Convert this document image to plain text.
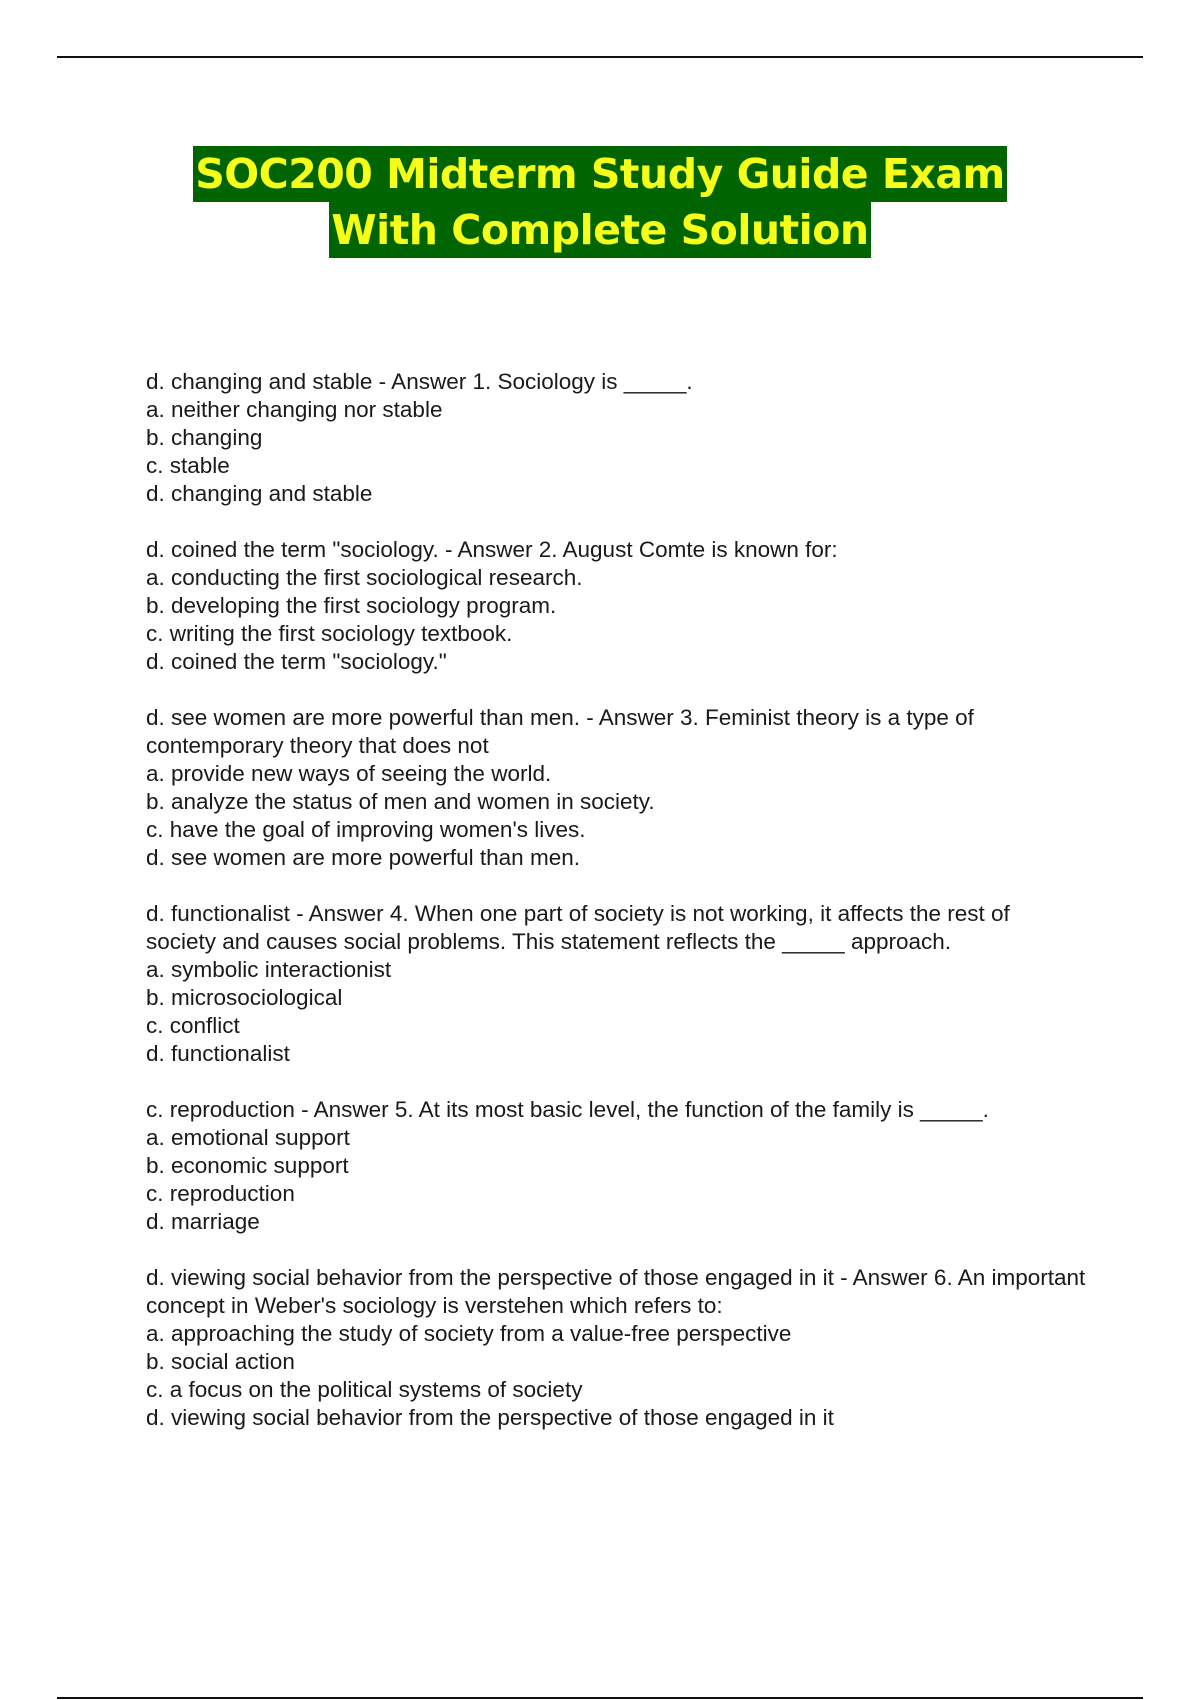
SOC200 Midterm Study Guide Exam
With Complete Solution

d. changing and stable - Answer 1. Sociology is _____.

a. neither changing nor stable

b. changing

c. stable

d. changing and stable

d. coined the term "sociology. - Answer 2. August Comte is known for:

a. conducting the first sociological research.

b. developing the first sociology program.

c. writing the first sociology textbook.

d. coined the term "sociology."

d. see women are more powerful than men. - Answer 3. Feminist theory is a type of contemporary theory that does not

a. provide new ways of seeing the world.

b. analyze the status of men and women in society.

c. have the goal of improving women's lives.

d. see women are more powerful than men.

d. functionalist - Answer 4. When one part of society is not working, it affects the rest of society and causes social problems. This statement reflects the _____ approach.

a. symbolic interactionist

b. microsociological

c. conflict

d. functionalist

c. reproduction - Answer 5. At its most basic level, the function of the family is _____.

a. emotional support

b. economic support

c. reproduction

d. marriage

d. viewing social behavior from the perspective of those engaged in it - Answer 6. An important concept in Weber's sociology is verstehen which refers to:

a. approaching the study of society from a value-free perspective

b. social action

c. a focus on the political systems of society

d. viewing social behavior from the perspective of those engaged in it
